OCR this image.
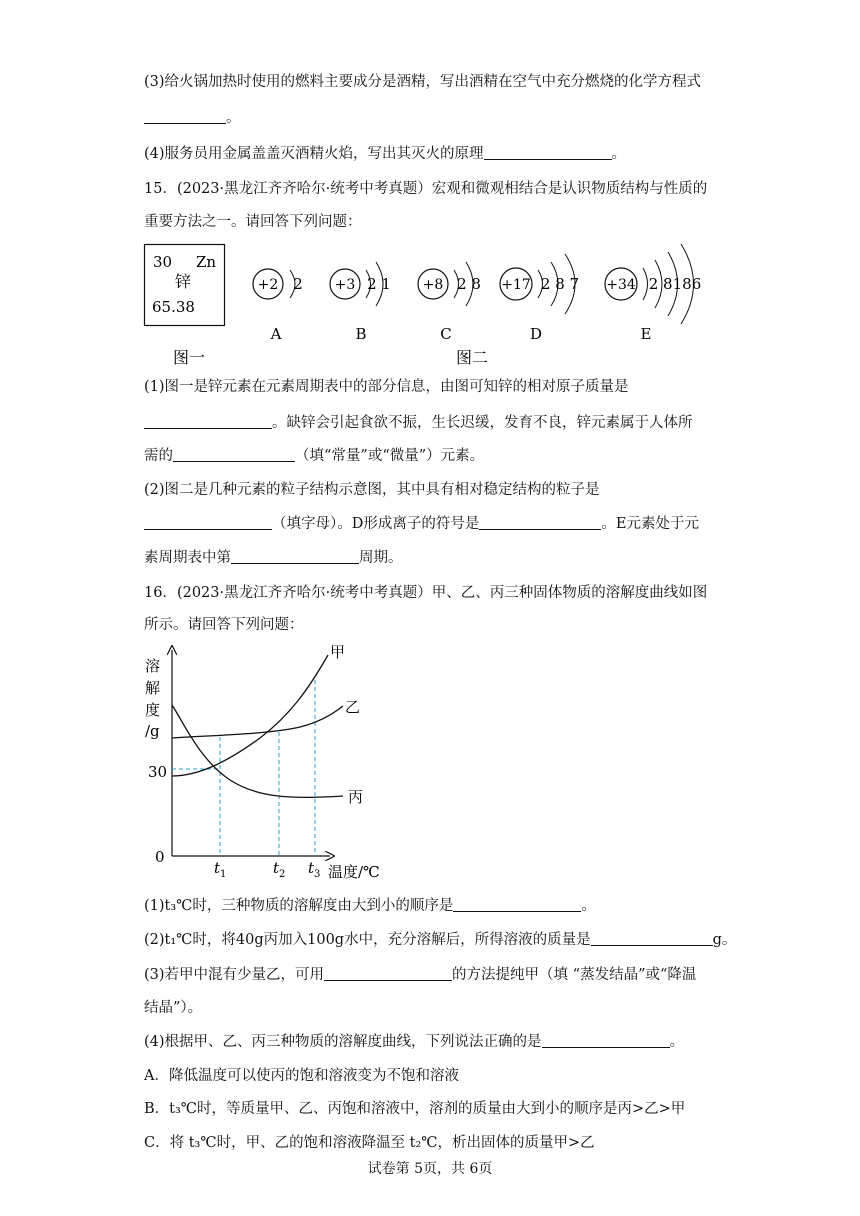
(3)给火锅加热时使用的燃料主要成分是酒精，写出酒精在空气中充分燃烧的化学方程式
。
(4)服务员用金属盖盖灭酒精火焰，写出其灭火的原理	。
15．(2023·黑龙江齐齐哈尔·统考中考真题）宏观和微观相结合是认识物质结构与性质的
重要方法之一。请回答下列问题：
30 Zn
锌
65.38
+2 2
A
+3 2 1
B
+8 2 8
C
+17 2 8 7
D
+34 2 8186
E
图一	图二
(1)图一是锌元素在元素周期表中的部分信息，由图可知锌的相对原子质量是
。缺锌会引起食欲不振，生长迟缓，发育不良，锌元素属于人体所
需的	（填“常量”或“微量”）元素。
(2)图二是几种元素的粒子结构示意图，其中具有相对稳定结构的粒子是
（填字母）。D形成离子的符号是	。E元素处于元
素周期表中第	周期。
16．(2023·黑龙江齐齐哈尔·统考中考真题）甲、乙、丙三种固体物质的溶解度曲线如图
所示。请回答下列问题：
溶
解
度
/g
30
0
甲
乙
丙
t 1	t 2 t 3 温度/℃
(1)t₃℃时，三种物质的溶解度由大到小的顺序是	。
(2)t₁℃时，将40g丙加入100g水中，充分溶解后，所得溶液的质量是	g。
(3)若甲中混有少量乙，可用	的方法提纯甲（填 “蒸发结晶”或“降温
结晶”）。
(4)根据甲、乙、丙三种物质的溶解度曲线，下列说法正确的是	。
A．降低温度可以使丙的饱和溶液变为不饱和溶液
B．t₃℃时，等质量甲、乙、丙饱和溶液中，溶剂的质量由大到小的顺序是丙>乙>甲
C．将 t₃℃时，甲、乙的饱和溶液降温至 t₂℃，析出固体的质量甲>乙
试卷第 5页，共 6页
